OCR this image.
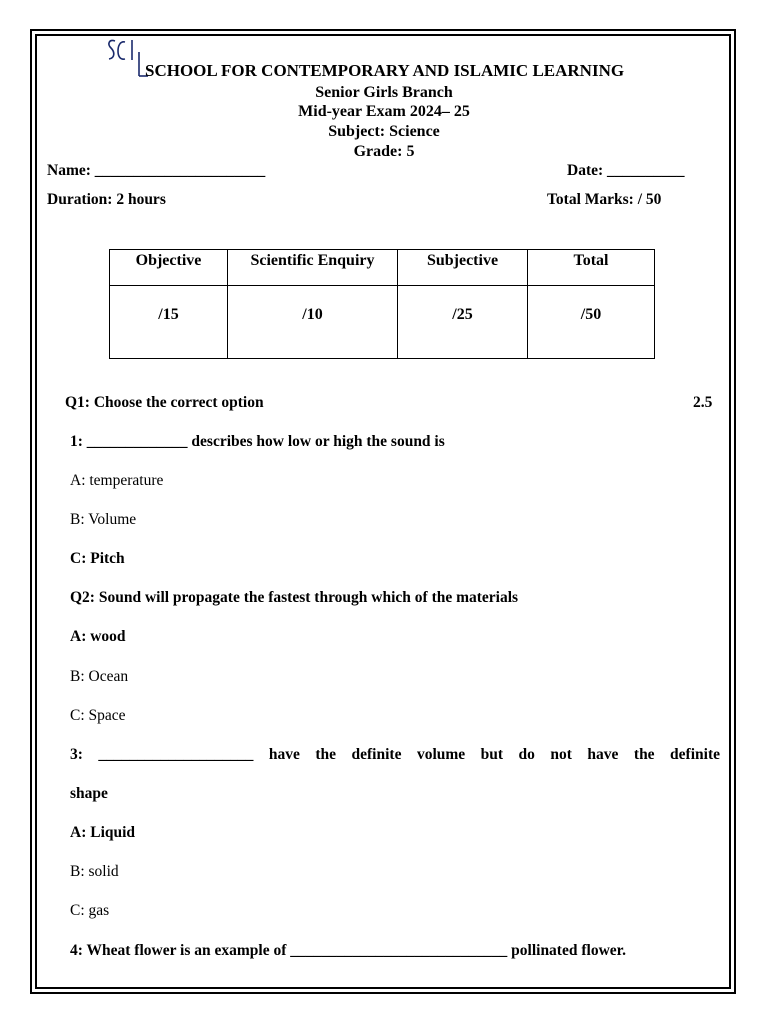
SCHOOL FOR CONTEMPORARY AND ISLAMIC LEARNING
Senior Girls Branch
Mid-year Exam 2024– 25
Subject: Science
Grade: 5
Name: ______________________	Date: __________
Duration: 2 hours	Total Marks: / 50
Objective	Scientific Enquiry	Subjective	Total
/15	/10	/25	/50
Q1: Choose the correct option	2.5
1: _____________ describes how low or high the sound is
A: temperature
B: Volume
C: Pitch
Q2: Sound will propagate the fastest through which of the materials
A: wood
B: Ocean
C: Space
3: ____________________ have the definite volume but do not have the definite
shape
A: Liquid
B: solid
C: gas
4: Wheat flower is an example of ____________________________ pollinated flower.
